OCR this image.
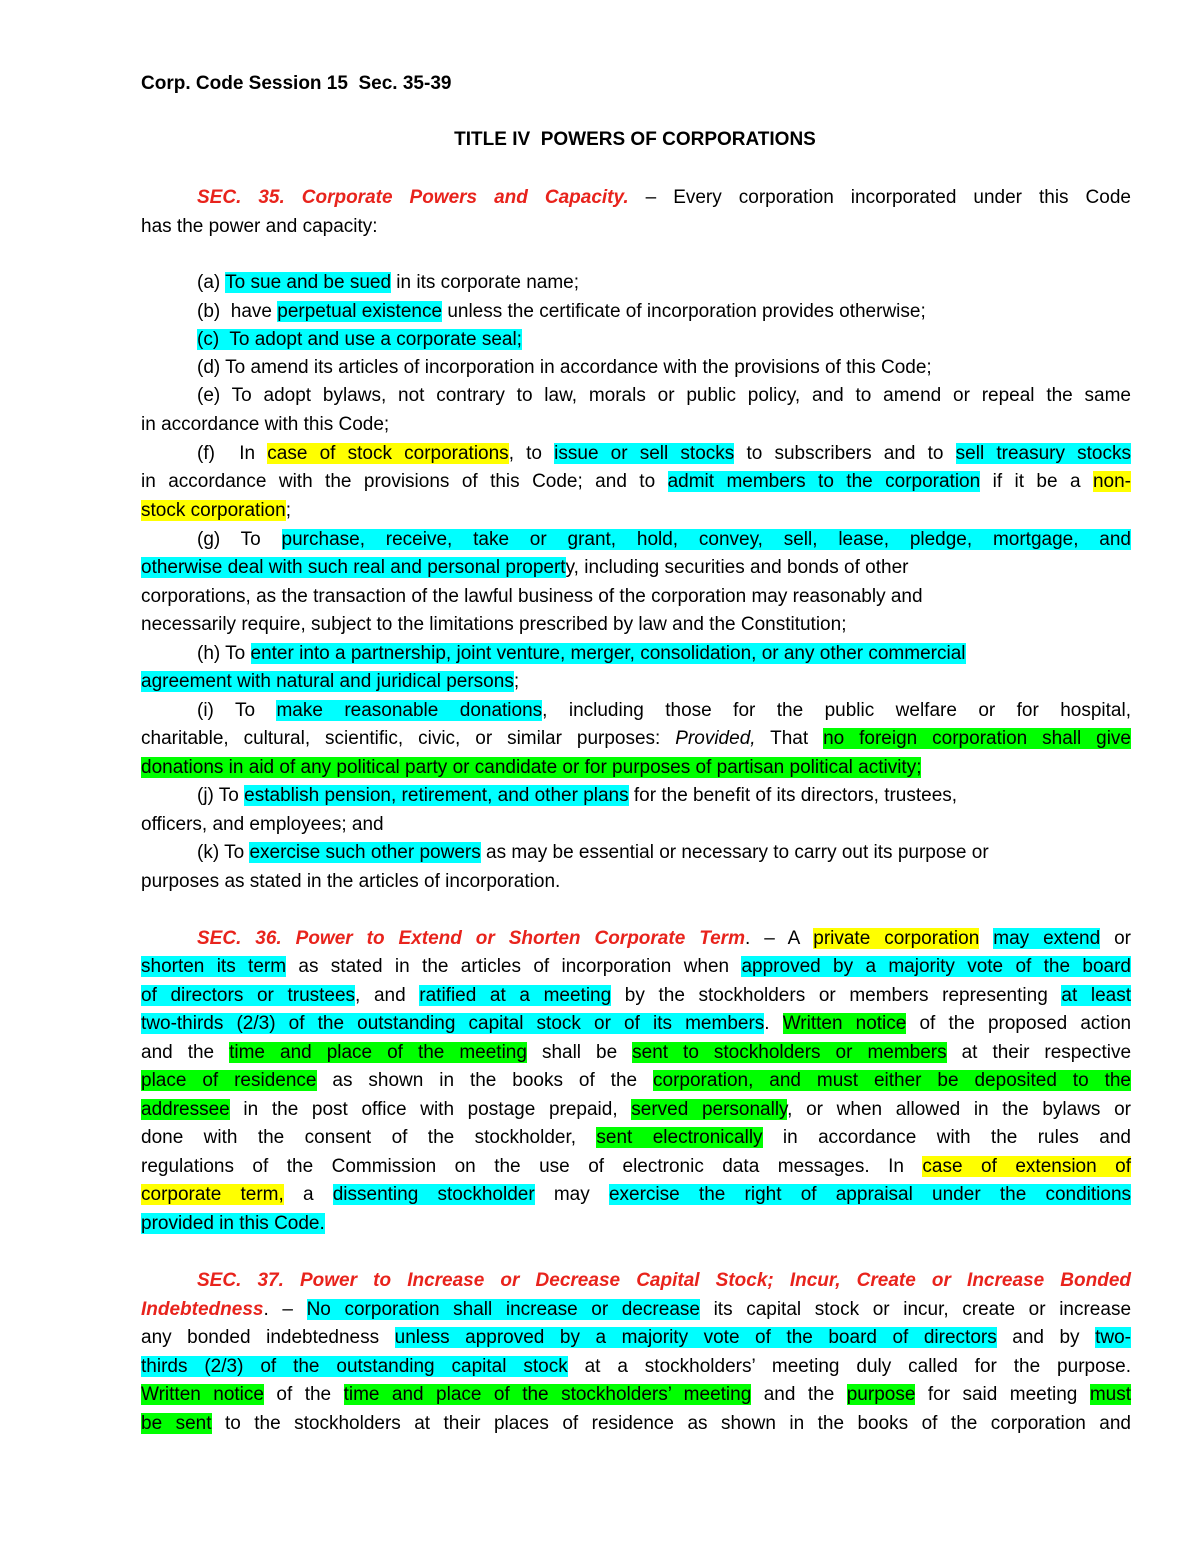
Corp. Code Session 15  Sec. 35-39
TITLE IV  POWERS OF CORPORATIONS
SEC. 35. Corporate Powers and Capacity. – Every corporation incorporated under this Code
has the power and capacity:
(a) To sue and be sued in its corporate name;
(b)  have perpetual existence unless the certificate of incorporation provides otherwise;
(c)  To adopt and use a corporate seal;
(d) To amend its articles of incorporation in accordance with the provisions of this Code;
(e) To adopt bylaws, not contrary to law, morals or public policy, and to amend or repeal the same
in accordance with this Code;
(f)  In case of stock corporations, to issue or sell stocks to subscribers and to sell treasury stocks
in accordance with the provisions of this Code; and to admit members to the corporation if it be a non-
stock corporation;
(g) To purchase, receive, take or grant, hold, convey, sell, lease, pledge, mortgage, and
otherwise deal with such real and personal property, including securities and bonds of other
corporations, as the transaction of the lawful business of the corporation may reasonably and
necessarily require, subject to the limitations prescribed by law and the Constitution;
(h) To enter into a partnership, joint venture, merger, consolidation, or any other commercial
agreement with natural and juridical persons;
(i) To make reasonable donations, including those for the public welfare or for hospital,
charitable, cultural, scientific, civic, or similar purposes: Provided, That no foreign corporation shall give
donations in aid of any political party or candidate or for purposes of partisan political activity;
(j) To establish pension, retirement, and other plans for the benefit of its directors, trustees,
officers, and employees; and
(k) To exercise such other powers as may be essential or necessary to carry out its purpose or
purposes as stated in the articles of incorporation.
SEC. 36. Power to Extend or Shorten Corporate Term. – A private corporation may extend or
shorten its term as stated in the articles of incorporation when approved by a majority vote of the board
of directors or trustees, and ratified at a meeting by the stockholders or members representing at least
two-thirds (2/3) of the outstanding capital stock or of its members. Written notice of the proposed action
and the time and place of the meeting shall be sent to stockholders or members at their respective
place of residence as shown in the books of the corporation, and must either be deposited to the
addressee in the post office with postage prepaid, served personally, or when allowed in the bylaws or
done with the consent of the stockholder, sent electronically in accordance with the rules and
regulations of the Commission on the use of electronic data messages. In case of extension of
corporate term, a dissenting stockholder may exercise the right of appraisal under the conditions
provided in this Code.
SEC. 37. Power to Increase or Decrease Capital Stock; Incur, Create or Increase Bonded
Indebtedness. – No corporation shall increase or decrease its capital stock or incur, create or increase
any bonded indebtedness unless approved by a majority vote of the board of directors and by two-
thirds (2/3) of the outstanding capital stock at a stockholders’ meeting duly called for the purpose.
Written notice of the time and place of the stockholders’ meeting and the purpose for said meeting must
be sent to the stockholders at their places of residence as shown in the books of the corporation and
